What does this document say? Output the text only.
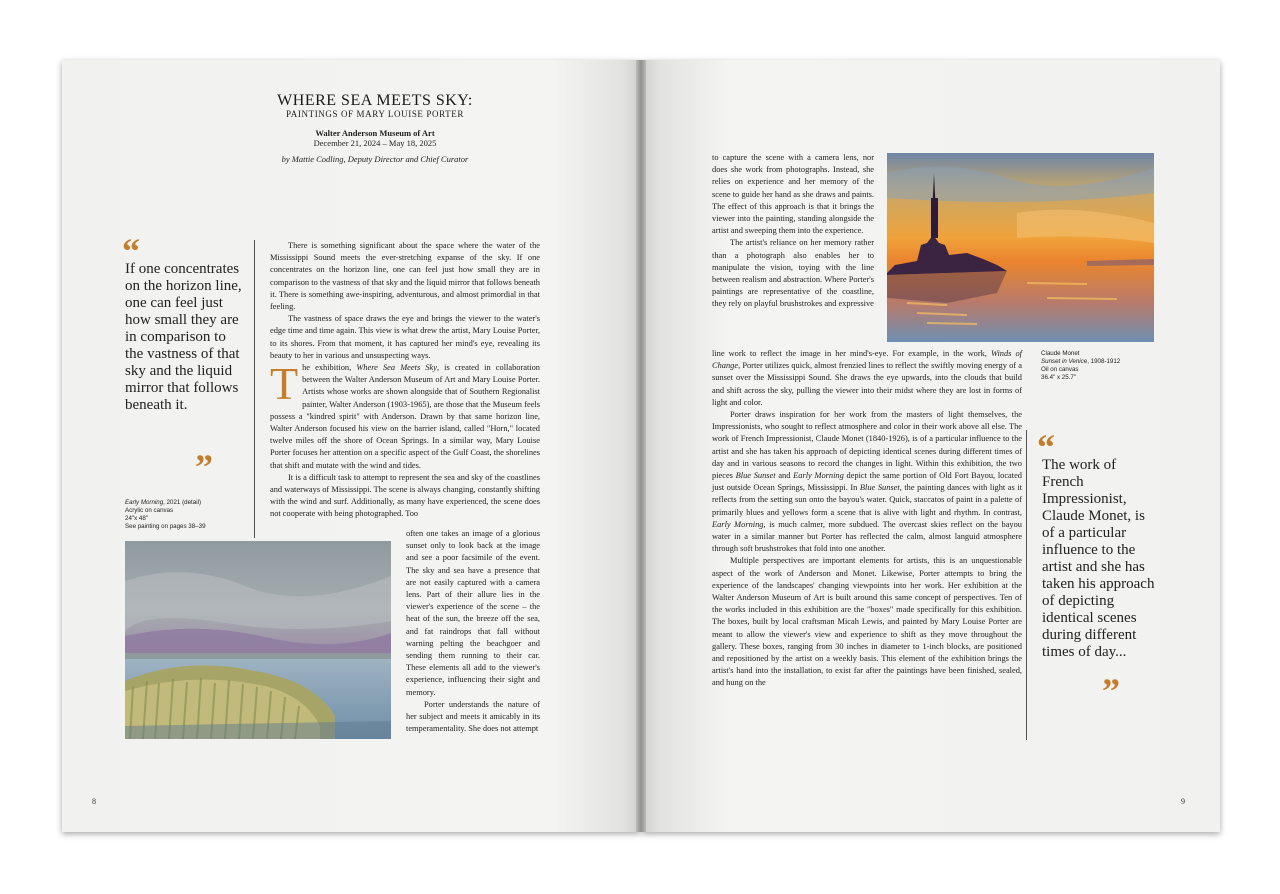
WHERE SEA MEETS SKY:
PAINTINGS OF MARY LOUISE PORTER
Walter Anderson Museum of Art
December 21, 2024 – May 18, 2025
by Mattie Codling, Deputy Director and Chief Curator
“
If one concentrates on the horizon line, one can feel just how small they are in comparison to the vastness of that sky and the liquid mirror that follows beneath it.
”
Early Morning, 2021 (detail)
Acrylic on canvas
24"x 48"
See painting on pages 38–39

There is something significant about the space where the water of the Mississippi Sound meets the ever-stretching expanse of the sky. If one concentrates on the horizon line, one can feel just how small they are in comparison to the vastness of that sky and the liquid mirror that follows beneath it. There is something awe-inspiring, adventurous, and almost primordial in that feeling.

The vastness of space draws the eye and brings the viewer to the water's edge time and time again. This view is what drew the artist, Mary Louise Porter, to its shores. From that moment, it has captured her mind's eye, revealing its beauty to her in various and unsuspecting ways.

The exhibition, Where Sea Meets Sky, is created in collaboration between the Walter Anderson Museum of Art and Mary Louise Porter. Artists whose works are shown alongside that of Southern Regionalist painter, Walter Anderson (1903-1965), are those that the Museum feels possess a "kindred spirit" with Anderson. Drawn by that same horizon line, Walter Anderson focused his view on the barrier island, called "Horn," located twelve miles off the shore of Ocean Springs. In a similar way, Mary Louise Porter focuses her attention on a specific aspect of the Gulf Coast, the shorelines that shift and mutate with the wind and tides.

It is a difficult task to attempt to represent the sea and sky of the coastlines and waterways of Mississippi. The scene is always changing, constantly shifting with the wind and surf. Additionally, as many have experienced, the scene does not cooperate with being photographed. Too

often one takes an image of a glorious sunset only to look back at the image and see a poor facsimile of the event. The sky and sea have a presence that are not easily captured with a camera lens. Part of their allure lies in the viewer's experience of the scene – the heat of the sun, the breeze off the sea, and fat raindrops that fall without warning pelting the beachgoer and sending them running to their car. These elements all add to the viewer's experience, influencing their sight and memory.

Porter understands the nature of her subject and meets it amicably in its temperamentality. She does not attempt

to capture the scene with a camera lens, nor does she work from photographs. Instead, she relies on experience and her memory of the scene to guide her hand as she draws and paints. The effect of this approach is that it brings the viewer into the painting, standing alongside the artist and sweeping them into the experience.

The artist's reliance on her memory rather than a photograph also enables her to manipulate the vision, toying with the line between realism and abstraction. Where Porter's paintings are representative of the coastline, they rely on playful brushstrokes and expressive

Claude Monet
Sunset in Venice, 1908-1912
Oil on canvas
36.4" x 25.7"

line work to reflect the image in her mind's-eye. For example, in the work, Winds of Change, Porter utilizes quick, almost frenzied lines to reflect the swiftly moving energy of a sunset over the Mississippi Sound. She draws the eye upwards, into the clouds that build and shift across the sky, pulling the viewer into their midst where they are lost in forms of light and color.

Porter draws inspiration for her work from the masters of light themselves, the Impressionists, who sought to reflect atmosphere and color in their work above all else. The work of French Impressionist, Claude Monet (1840-1926), is of a particular influence to the artist and she has taken his approach of depicting identical scenes during different times of day and in various seasons to record the changes in light. Within this exhibition, the two pieces Blue Sunset and Early Morning depict the same portion of Old Fort Bayou, located just outside Ocean Springs, Mississippi. In Blue Sunset, the painting dances with light as it reflects from the setting sun onto the bayou's water. Quick, staccatos of paint in a palette of primarily blues and yellows form a scene that is alive with light and rhythm. In contrast, Early Morning, is much calmer, more subdued. The overcast skies reflect on the bayou water in a similar manner but Porter has reflected the calm, almost languid atmosphere through soft brushstrokes that fold into one another.

Multiple perspectives are important elements for artists, this is an unquestionable aspect of the work of Anderson and Monet. Likewise, Porter attempts to bring the experience of the landscapes' changing viewpoints into her work. Her exhibition at the Walter Anderson Museum of Art is built around this same concept of perspectives. Ten of the works included in this exhibition are the "boxes" made specifically for this exhibition. The boxes, built by local craftsman Micah Lewis, and painted by Mary Louise Porter are meant to allow the viewer's view and experience to shift as they move throughout the gallery. These boxes, ranging from 30 inches in diameter to 1-inch blocks, are positioned and repositioned by the artist on a weekly basis. This element of the exhibition brings the artist's hand into the installation, to exist far after the paintings have been finished, sealed, and hung on the

“
The work of French Impressionist, Claude Monet, is of a particular influence to the artist and she has taken his approach of depicting identical scenes during different times of day...
”
8	9
